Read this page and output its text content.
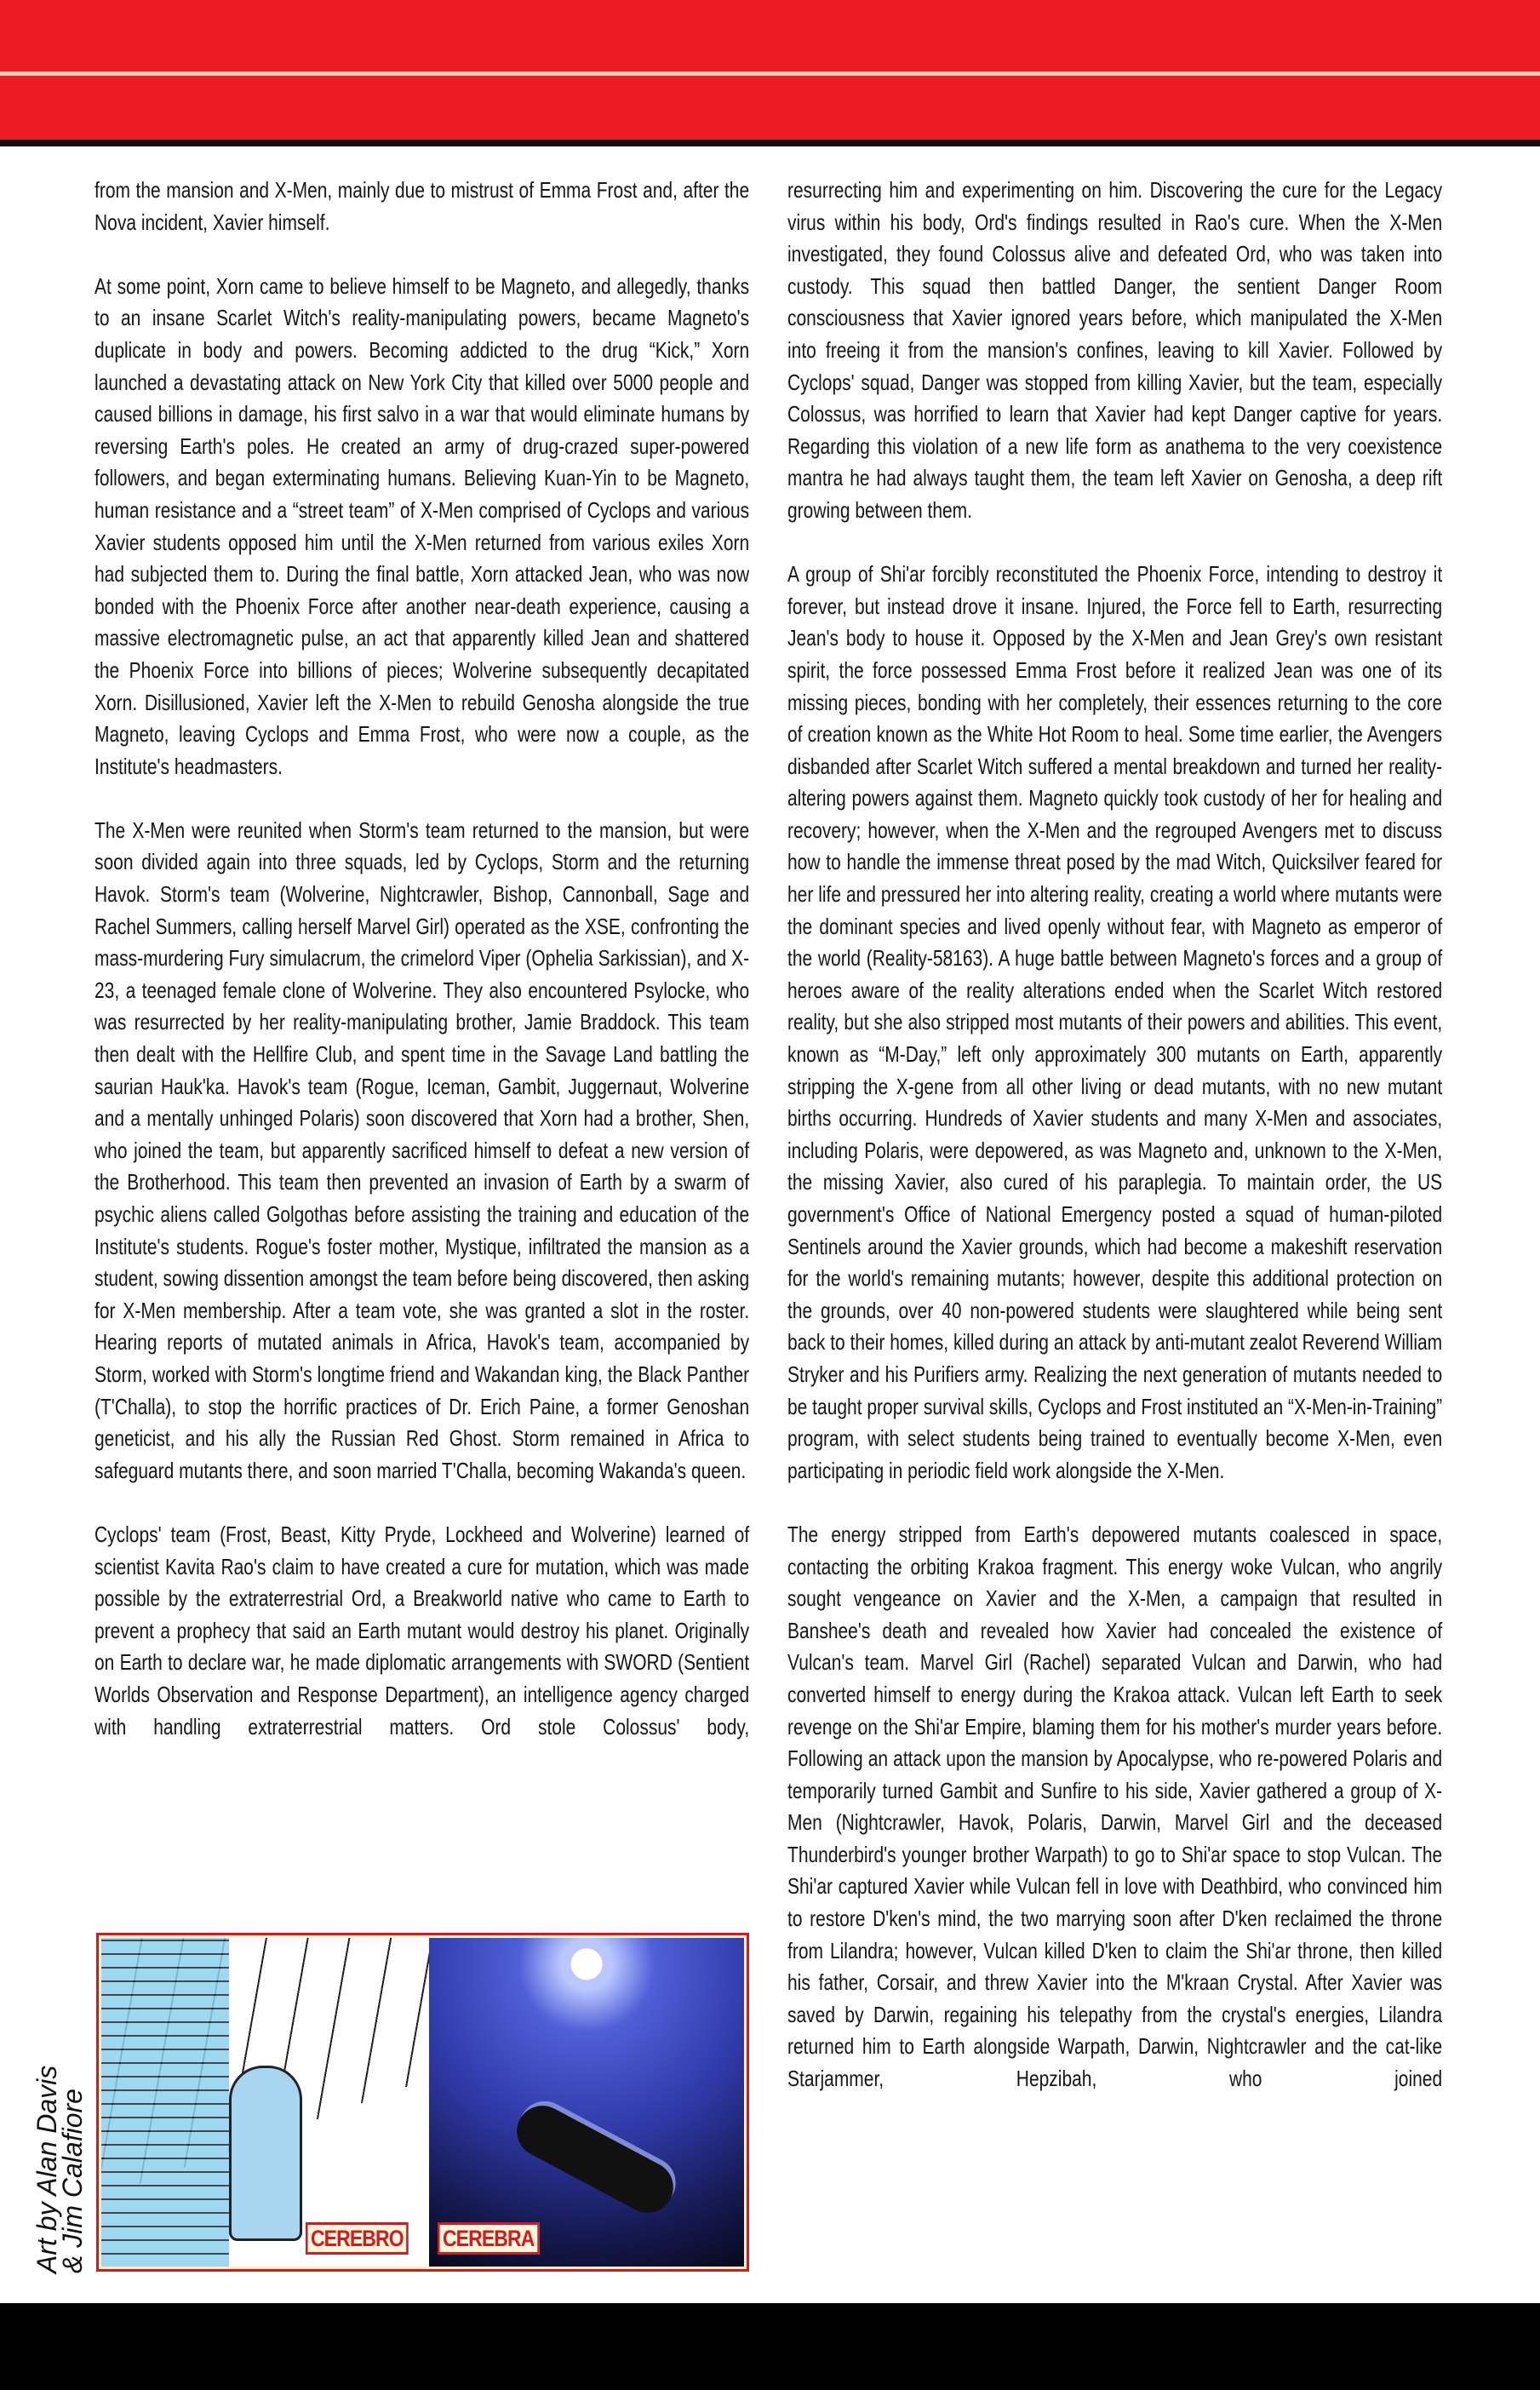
from the mansion and X-Men, mainly due to mistrust of Emma Frost and, after the Nova incident, Xavier himself.

At some point, Xorn came to believe himself to be Magneto, and allegedly, thanks to an insane Scarlet Witch's reality-manipulating powers, became Magneto's duplicate in body and powers. Becoming addicted to the drug “Kick,” Xorn launched a devastating attack on New York City that killed over 5000 people and caused billions in damage, his first salvo in a war that would eliminate humans by reversing Earth's poles. He created an army of drug-crazed super-powered followers, and began exterminating humans. Believing Kuan-Yin to be Magneto, human resistance and a “street team” of X-Men comprised of Cyclops and various Xavier students opposed him until the X-Men returned from various exiles Xorn had subjected them to. During the final battle, Xorn attacked Jean, who was now bonded with the Phoenix Force after another near-death experience, causing a massive electromagnetic pulse, an act that apparently killed Jean and shattered the Phoenix Force into billions of pieces; Wolverine subsequently decapitated Xorn. Disillusioned, Xavier left the X-Men to rebuild Genosha alongside the true Magneto, leaving Cyclops and Emma Frost, who were now a couple, as the Institute's headmasters.

The X-Men were reunited when Storm's team returned to the mansion, but were soon divided again into three squads, led by Cyclops, Storm and the returning Havok. Storm's team (Wolverine, Nightcrawler, Bishop, Cannonball, Sage and Rachel Summers, calling herself Marvel Girl) operated as the XSE, confronting the mass-murdering Fury simulacrum, the crimelord Viper (Ophelia Sarkissian), and X-23, a teenaged female clone of Wolverine. They also encountered Psylocke, who was resurrected by her reality-manipulating brother, Jamie Braddock. This team then dealt with the Hellfire Club, and spent time in the Savage Land battling the saurian Hauk'ka. Havok's team (Rogue, Iceman, Gambit, Juggernaut, Wolverine and a mentally unhinged Polaris) soon discovered that Xorn had a brother, Shen, who joined the team, but apparently sacrificed himself to defeat a new version of the Brotherhood. This team then prevented an invasion of Earth by a swarm of psychic aliens called Golgothas before assisting the training and education of the Institute's students. Rogue's foster mother, Mystique, infiltrated the mansion as a student, sowing dissention amongst the team before being discovered, then asking for X-Men membership. After a team vote, she was granted a slot in the roster. Hearing reports of mutated animals in Africa, Havok's team, accompanied by Storm, worked with Storm's longtime friend and Wakandan king, the Black Panther (T'Challa), to stop the horrific practices of Dr. Erich Paine, a former Genoshan geneticist, and his ally the Russian Red Ghost. Storm remained in Africa to safeguard mutants there, and soon married T'Challa, becoming Wakanda's queen.

Cyclops' team (Frost, Beast, Kitty Pryde, Lockheed and Wolverine) learned of scientist Kavita Rao's claim to have created a cure for mutation, which was made possible by the extraterrestrial Ord, a Breakworld native who came to Earth to prevent a prophecy that said an Earth mutant would destroy his planet. Originally on Earth to declare war, he made diplomatic arrangements with SWORD (Sentient Worlds Observation and Response Department), an intelligence agency charged with handling extraterrestrial matters. Ord stole Colossus' body,

resurrecting him and experimenting on him. Discovering the cure for the Legacy virus within his body, Ord's findings resulted in Rao's cure. When the X-Men investigated, they found Colossus alive and defeated Ord, who was taken into custody. This squad then battled Danger, the sentient Danger Room consciousness that Xavier ignored years before, which manipulated the X-Men into freeing it from the mansion's confines, leaving to kill Xavier. Followed by Cyclops' squad, Danger was stopped from killing Xavier, but the team, especially Colossus, was horrified to learn that Xavier had kept Danger captive for years. Regarding this violation of a new life form as anathema to the very coexistence mantra he had always taught them, the team left Xavier on Genosha, a deep rift growing between them.

A group of Shi'ar forcibly reconstituted the Phoenix Force, intending to destroy it forever, but instead drove it insane. Injured, the Force fell to Earth, resurrecting Jean's body to house it. Opposed by the X-Men and Jean Grey's own resistant spirit, the force possessed Emma Frost before it realized Jean was one of its missing pieces, bonding with her completely, their essences returning to the core of creation known as the White Hot Room to heal. Some time earlier, the Avengers disbanded after Scarlet Witch suffered a mental breakdown and turned her reality-altering powers against them. Magneto quickly took custody of her for healing and recovery; however, when the X-Men and the regrouped Avengers met to discuss how to handle the immense threat posed by the mad Witch, Quicksilver feared for her life and pressured her into altering reality, creating a world where mutants were the dominant species and lived openly without fear, with Magneto as emperor of the world (Reality-58163). A huge battle between Magneto's forces and a group of heroes aware of the reality alterations ended when the Scarlet Witch restored reality, but she also stripped most mutants of their powers and abilities. This event, known as “M-Day,” left only approximately 300 mutants on Earth, apparently stripping the X-gene from all other living or dead mutants, with no new mutant births occurring. Hundreds of Xavier students and many X-Men and associates, including Polaris, were depowered, as was Magneto and, unknown to the X-Men, the missing Xavier, also cured of his paraplegia. To maintain order, the US government's Office of National Emergency posted a squad of human-piloted Sentinels around the Xavier grounds, which had become a makeshift reservation for the world's remaining mutants; however, despite this additional protection on the grounds, over 40 non-powered students were slaughtered while being sent back to their homes, killed during an attack by anti-mutant zealot Reverend William Stryker and his Purifiers army. Realizing the next generation of mutants needed to be taught proper survival skills, Cyclops and Frost instituted an “X-Men-in-Training” program, with select students being trained to eventually become X-Men, even participating in periodic field work alongside the X-Men.

The energy stripped from Earth's depowered mutants coalesced in space, contacting the orbiting Krakoa fragment. This energy woke Vulcan, who angrily sought vengeance on Xavier and the X-Men, a campaign that resulted in Banshee's death and revealed how Xavier had concealed the existence of Vulcan's team. Marvel Girl (Rachel) separated Vulcan and Darwin, who had converted himself to energy during the Krakoa attack. Vulcan left Earth to seek revenge on the Shi'ar Empire, blaming them for his mother's murder years before. Following an attack upon the mansion by Apocalypse, who re-powered Polaris and temporarily turned Gambit and Sunfire to his side, Xavier gathered a group of X-Men (Nightcrawler, Havok, Polaris, Darwin, Marvel Girl and the deceased Thunderbird's younger brother Warpath) to go to Shi'ar space to stop Vulcan. The Shi'ar captured Xavier while Vulcan fell in love with Deathbird, who convinced him to restore D'ken's mind, the two marrying soon after D'ken reclaimed the throne from Lilandra; however, Vulcan killed D'ken to claim the Shi'ar throne, then killed his father, Corsair, and threw Xavier into the M'kraan Crystal. After Xavier was saved by Darwin, regaining his telepathy from the crystal's energies, Lilandra returned him to Earth alongside Warpath, Darwin, Nightcrawler and the cat-like Starjammer, Hepzibah, who joined

CEREBRO CEREBRA
Art by Alan Davis
& Jim Calafiore
